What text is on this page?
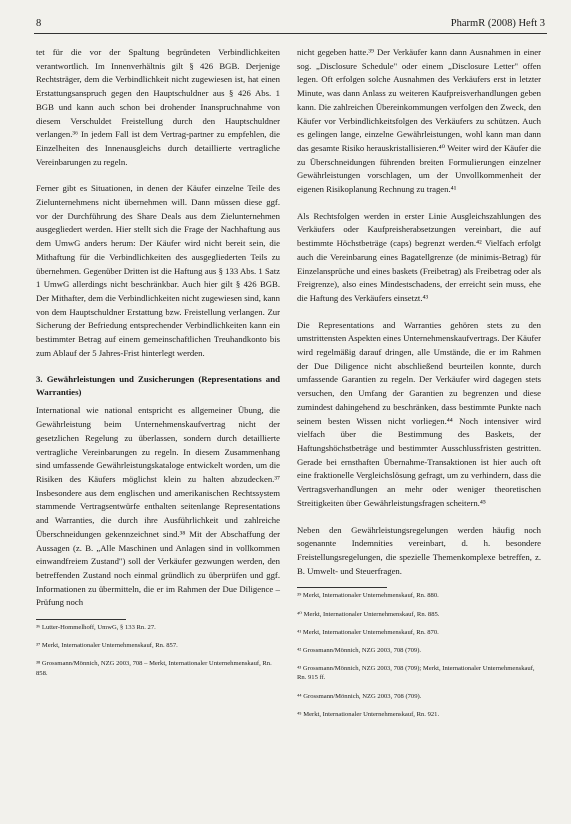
8	PharmR (2008) Heft 3

tet für die vor der Spaltung begründeten Verbindlichkeiten verantwortlich. Im Innenverhältnis gilt § 426 BGB. Derjenige Rechtsträger, dem die Verbindlichkeit nicht zugewiesen ist, hat einen Erstattungsanspruch gegen den Hauptschuldner aus § 426 Abs. 1 BGB und kann auch schon bei drohender Inanspruchnahme von diesem Verschuldet Freistellung durch den Hauptschuldner verlangen.³⁶ In jedem Fall ist dem Vertrag-partner zu empfehlen, die Einzelheiten des Innenausgleichs durch detaillierte vertragliche Vereinbarungen zu regeln.

Ferner gibt es Situationen, in denen der Käufer einzelne Teile des Zielunternehmens nicht übernehmen will. Dann müssen diese ggf. vor der Durchführung des Share Deals aus dem Zielunternehmen ausgegliedert werden. Hier stellt sich die Frage der Nachhaftung aus dem UmwG anders herum: Der Käufer wird nicht bereit sein, die Mithaftung für die Verbindlichkeiten des ausgegliederten Teils zu übernehmen. Gegenüber Dritten ist die Haftung aus § 133 Abs. 1 Satz 1 UmwG allerdings nicht beschränkbar. Auch hier gilt § 426 BGB. Der Mithafter, dem die Verbindlichkeiten nicht zugewiesen sind, kann von dem Hauptschuldner Erstattung bzw. Freistellung verlangen. Zur Sicherung der Befriedung entsprechender Verbindlichkeiten kann ein bestimmter Betrag auf einem gemeinschaftlichen Treuhandkonto bis zum Ablauf der 5 Jahres-Frist hinterlegt werden.

3. Gewährleistungen und Zusicherungen (Representations and Warranties)

International wie national entspricht es allgemeiner Übung, die Gewährleistung beim Unternehmenskaufvertrag nicht der gesetzlichen Regelung zu überlassen, sondern durch detaillierte vertragliche Vereinbarungen zu regeln. In diesem Zusammenhang sind umfassende Gewährleistungskataloge entwickelt worden, um die Risiken des Käufers möglichst klein zu halten abzudecken.³⁷ Insbesondere aus dem englischen und amerikanischen Rechtssystem stammende Vertragsentwürfe enthalten seitenlange Representations and Warranties, die durch ihre Ausführlichkeit und zahlreiche Überschneidungen gekennzeichnet sind.³⁸ Mit der Abschaffung der Aussagen (z. B. „Alle Maschinen und Anlagen sind in vollkommen einwandfreiem Zustand") soll der Verkäufer gezwungen werden, den betreffenden Zustand noch einmal gründlich zu überprüfen und ggf. Informationen zu übermitteln, die er im Rahmen der Due Diligence – Prüfung noch

³⁶ Lutter-Hommelhoff, UmwG, § 133 Rn. 27.

³⁷ Merkt, Internationaler Unternehmenskauf, Rn. 857.

³⁸ Grossmann/Mönnich, NZG 2003, 708 – Merkt, Internationaler Unternehmenskauf, Rn. 858.

nicht gegeben hatte.³⁹ Der Verkäufer kann dann Ausnahmen in einer sog. „Disclosure Schedule" oder einem „Disclosure Letter" offen legen. Oft erfolgen solche Ausnahmen des Verkäufers erst in letzter Minute, was dann Anlass zu weiteren Kaufpreisverhandlungen geben kann. Die zahlreichen Übereinkommungen verfolgen den Zweck, den Käufer vor Verbindlichkeitsfolgen des Verkäufers zu schützen. Auch es gelingen lange, einzelne Gewährleistungen, wohl kann man dann das gesamte Risiko herauskristallisieren.⁴⁰ Weiter wird der Käufer die zu Überschneidungen führenden breiten Formulierungen einzelner Gewährleistungen vorschlagen, um der Unvollkommenheit der eigenen Risikoplanung Rechnung zu tragen.⁴¹

Als Rechtsfolgen werden in erster Linie Ausgleichszahlungen des Verkäufers oder Kaufpreisherabsetzungen vereinbart, die auf bestimmte Höchstbeträge (caps) begrenzt werden.⁴² Vielfach erfolgt auch die Vereinbarung eines Bagatellgrenze (de minimis-Betrag) für Einzelansprüche und eines baskets (Freibetrag) als Freibetrag oder als Freigrenze), also eines Mindestschadens, der erreicht sein muss, ehe die Haftung des Verkäufers einsetzt.⁴³

Die Representations and Warranties gehören stets zu den umstrittensten Aspekten eines Unternehmenskaufvertrags. Der Käufer wird regelmäßig darauf dringen, alle Umstände, die er im Rahmen der Due Diligence nicht abschließend beurteilen konnte, durch umfassende Garantien zu regeln. Der Verkäufer wird dagegen stets versuchen, den Umfang der Garantien zu begrenzen und diese zumindest dahingehend zu beschränken, dass bestimmte Punkte nach seinem besten Wissen nicht vorliegen.⁴⁴ Noch intensiver wird vielfach über die Bestimmung des Baskets, der Haftungshöchstbeträge und bestimmter Ausschlussfristen gestritten. Gerade bei ernsthaften Übernahme-Transaktionen ist hier auch oft eine fraktionelle Vergleichslösung gefragt, um zu verhindern, dass die Vertragsverhandlungen an mehr oder weniger theoretischen Streitigkeiten über Gewährleistungsfragen scheitern.⁴⁵

Neben den Gewährleistungsregelungen werden häufig noch sogenannte Indemnities vereinbart, d. h. besondere Freistellungsregelungen, die spezielle Themenkomplexe betreffen, z. B. Umwelt- und Steuerfragen.

³⁹ Merkt, Internationaler Unternehmenskauf, Rn. 880.

⁴⁰ Merkt, Internationaler Unternehmenskauf, Rn. 885.

⁴¹ Merkt, Internationaler Unternehmenskauf, Rn. 870.

⁴² Grossmann/Mönnich, NZG 2003, 708 (709).

⁴³ Grossmann/Mönnich, NZG 2003, 708 (709); Merkt, Internationaler Unternehmenskauf, Rn. 915 ff.

⁴⁴ Grossmann/Mönnich, NZG 2003, 708 (709).

⁴⁵ Merkt, Internationaler Unternehmenskauf, Rn. 921.
